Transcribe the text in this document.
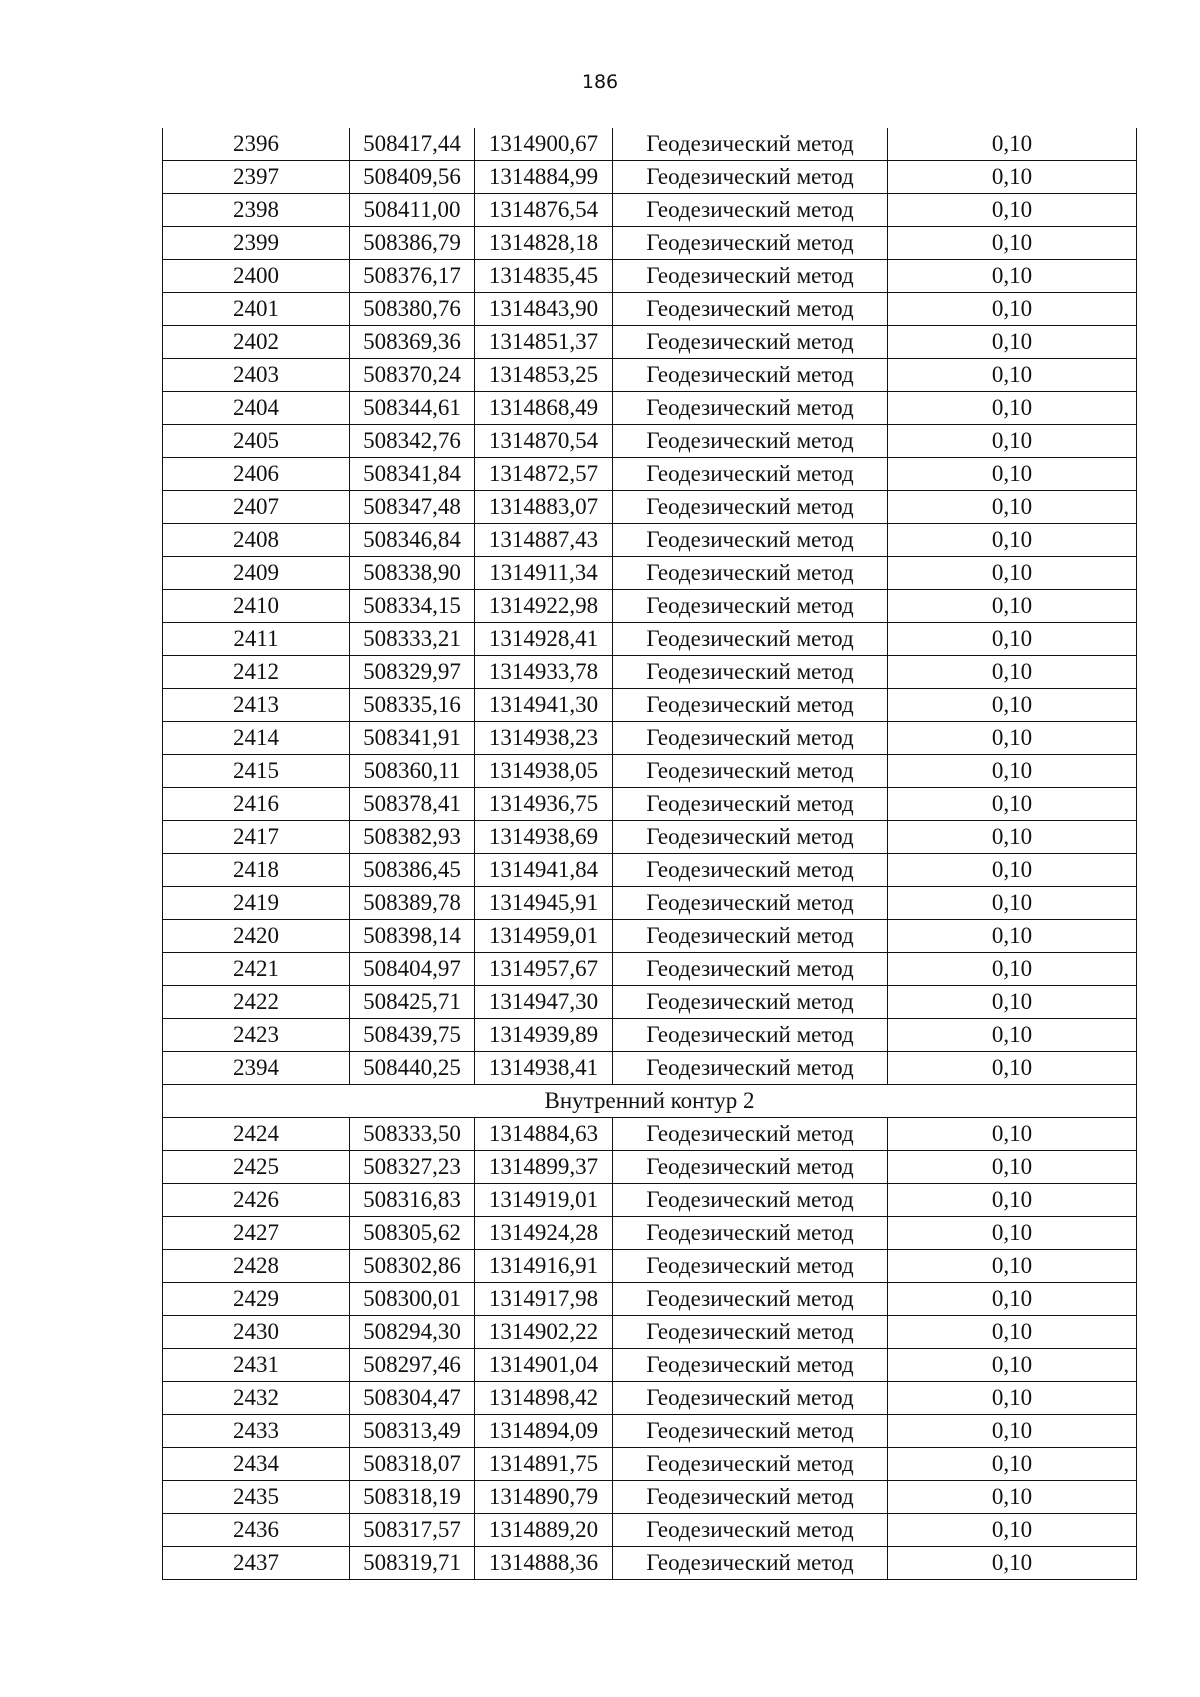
186
2396	508417,44	1314900,67	Геодезический метод	0,10
2397	508409,56	1314884,99	Геодезический метод	0,10
2398	508411,00	1314876,54	Геодезический метод	0,10
2399	508386,79	1314828,18	Геодезический метод	0,10
2400	508376,17	1314835,45	Геодезический метод	0,10
2401	508380,76	1314843,90	Геодезический метод	0,10
2402	508369,36	1314851,37	Геодезический метод	0,10
2403	508370,24	1314853,25	Геодезический метод	0,10
2404	508344,61	1314868,49	Геодезический метод	0,10
2405	508342,76	1314870,54	Геодезический метод	0,10
2406	508341,84	1314872,57	Геодезический метод	0,10
2407	508347,48	1314883,07	Геодезический метод	0,10
2408	508346,84	1314887,43	Геодезический метод	0,10
2409	508338,90	1314911,34	Геодезический метод	0,10
2410	508334,15	1314922,98	Геодезический метод	0,10
2411	508333,21	1314928,41	Геодезический метод	0,10
2412	508329,97	1314933,78	Геодезический метод	0,10
2413	508335,16	1314941,30	Геодезический метод	0,10
2414	508341,91	1314938,23	Геодезический метод	0,10
2415	508360,11	1314938,05	Геодезический метод	0,10
2416	508378,41	1314936,75	Геодезический метод	0,10
2417	508382,93	1314938,69	Геодезический метод	0,10
2418	508386,45	1314941,84	Геодезический метод	0,10
2419	508389,78	1314945,91	Геодезический метод	0,10
2420	508398,14	1314959,01	Геодезический метод	0,10
2421	508404,97	1314957,67	Геодезический метод	0,10
2422	508425,71	1314947,30	Геодезический метод	0,10
2423	508439,75	1314939,89	Геодезический метод	0,10
2394	508440,25	1314938,41	Геодезический метод	0,10
Внутренний контур 2				
2424	508333,50	1314884,63	Геодезический метод	0,10
2425	508327,23	1314899,37	Геодезический метод	0,10
2426	508316,83	1314919,01	Геодезический метод	0,10
2427	508305,62	1314924,28	Геодезический метод	0,10
2428	508302,86	1314916,91	Геодезический метод	0,10
2429	508300,01	1314917,98	Геодезический метод	0,10
2430	508294,30	1314902,22	Геодезический метод	0,10
2431	508297,46	1314901,04	Геодезический метод	0,10
2432	508304,47	1314898,42	Геодезический метод	0,10
2433	508313,49	1314894,09	Геодезический метод	0,10
2434	508318,07	1314891,75	Геодезический метод	0,10
2435	508318,19	1314890,79	Геодезический метод	0,10
2436	508317,57	1314889,20	Геодезический метод	0,10
2437	508319,71	1314888,36	Геодезический метод	0,10
